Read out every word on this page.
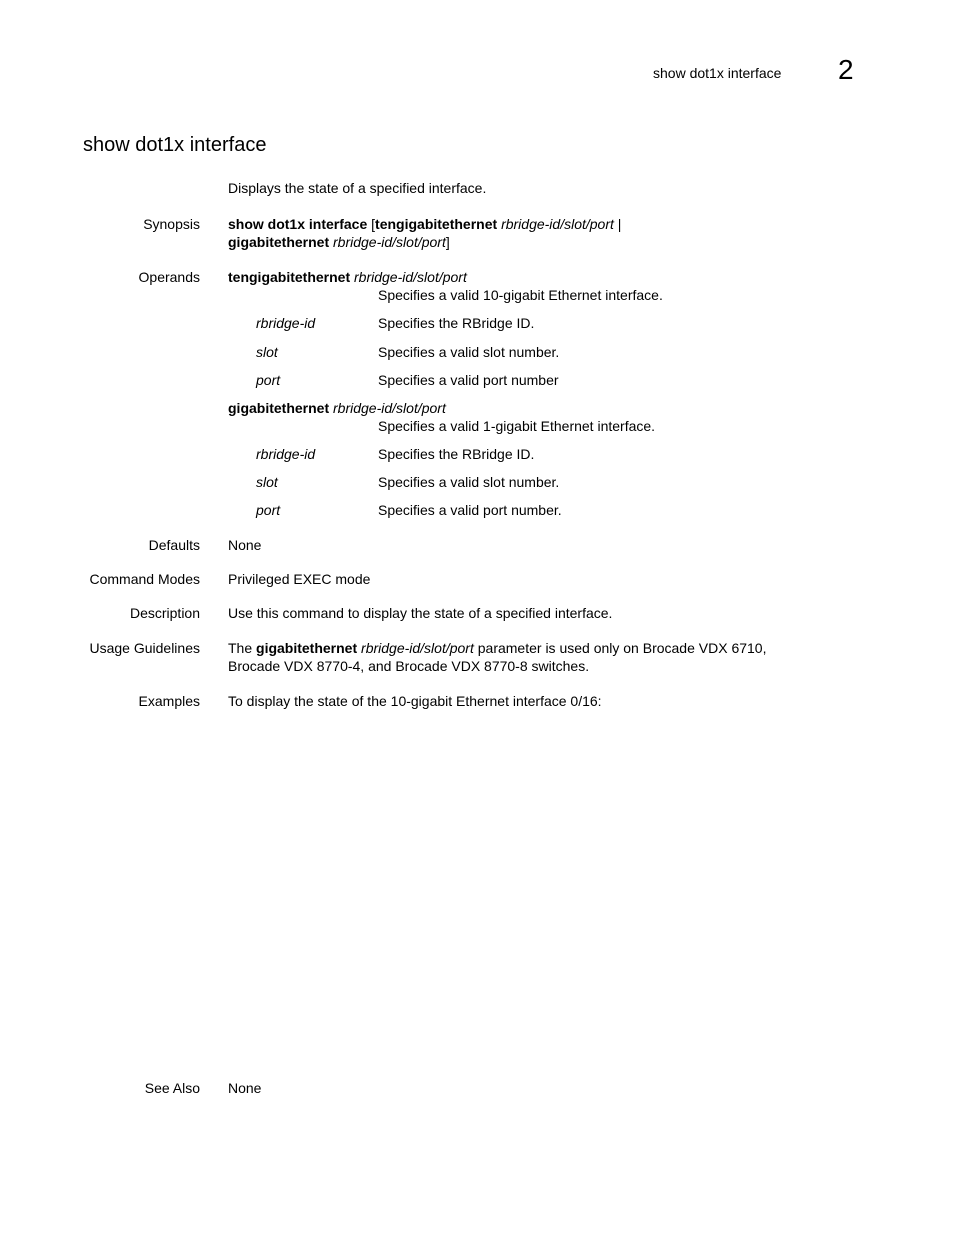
show dot1x interface 2
show dot1x interface
Displays the state of a specified interface.
Synopsis show dot1x interface [tengigabitethernet rbridge-id/slot/port |
gigabitethernet rbridge-id/slot/port]
Operands tengigabitethernet rbridge-id/slot/port
Specifies a valid 10-gigabit Ethernet interface.
rbridge-id	Specifies the RBridge ID.
slot	Specifies a valid slot number.
port	Specifies a valid port number
gigabitethernet rbridge-id/slot/port
Specifies a valid 1-gigabit Ethernet interface.
rbridge-id	Specifies the RBridge ID.
slot	Specifies a valid slot number.
port	Specifies a valid port number.
Defaults None
Command Modes Privileged EXEC mode
Description Use this command to display the state of a specified interface.
Usage Guidelines The gigabitethernet rbridge-id/slot/port parameter is used only on Brocade VDX 6710,
Brocade VDX 8770-4, and Brocade VDX 8770-8 switches.
Examples To display the state of the 10-gigabit Ethernet interface 0/16:
See Also None
